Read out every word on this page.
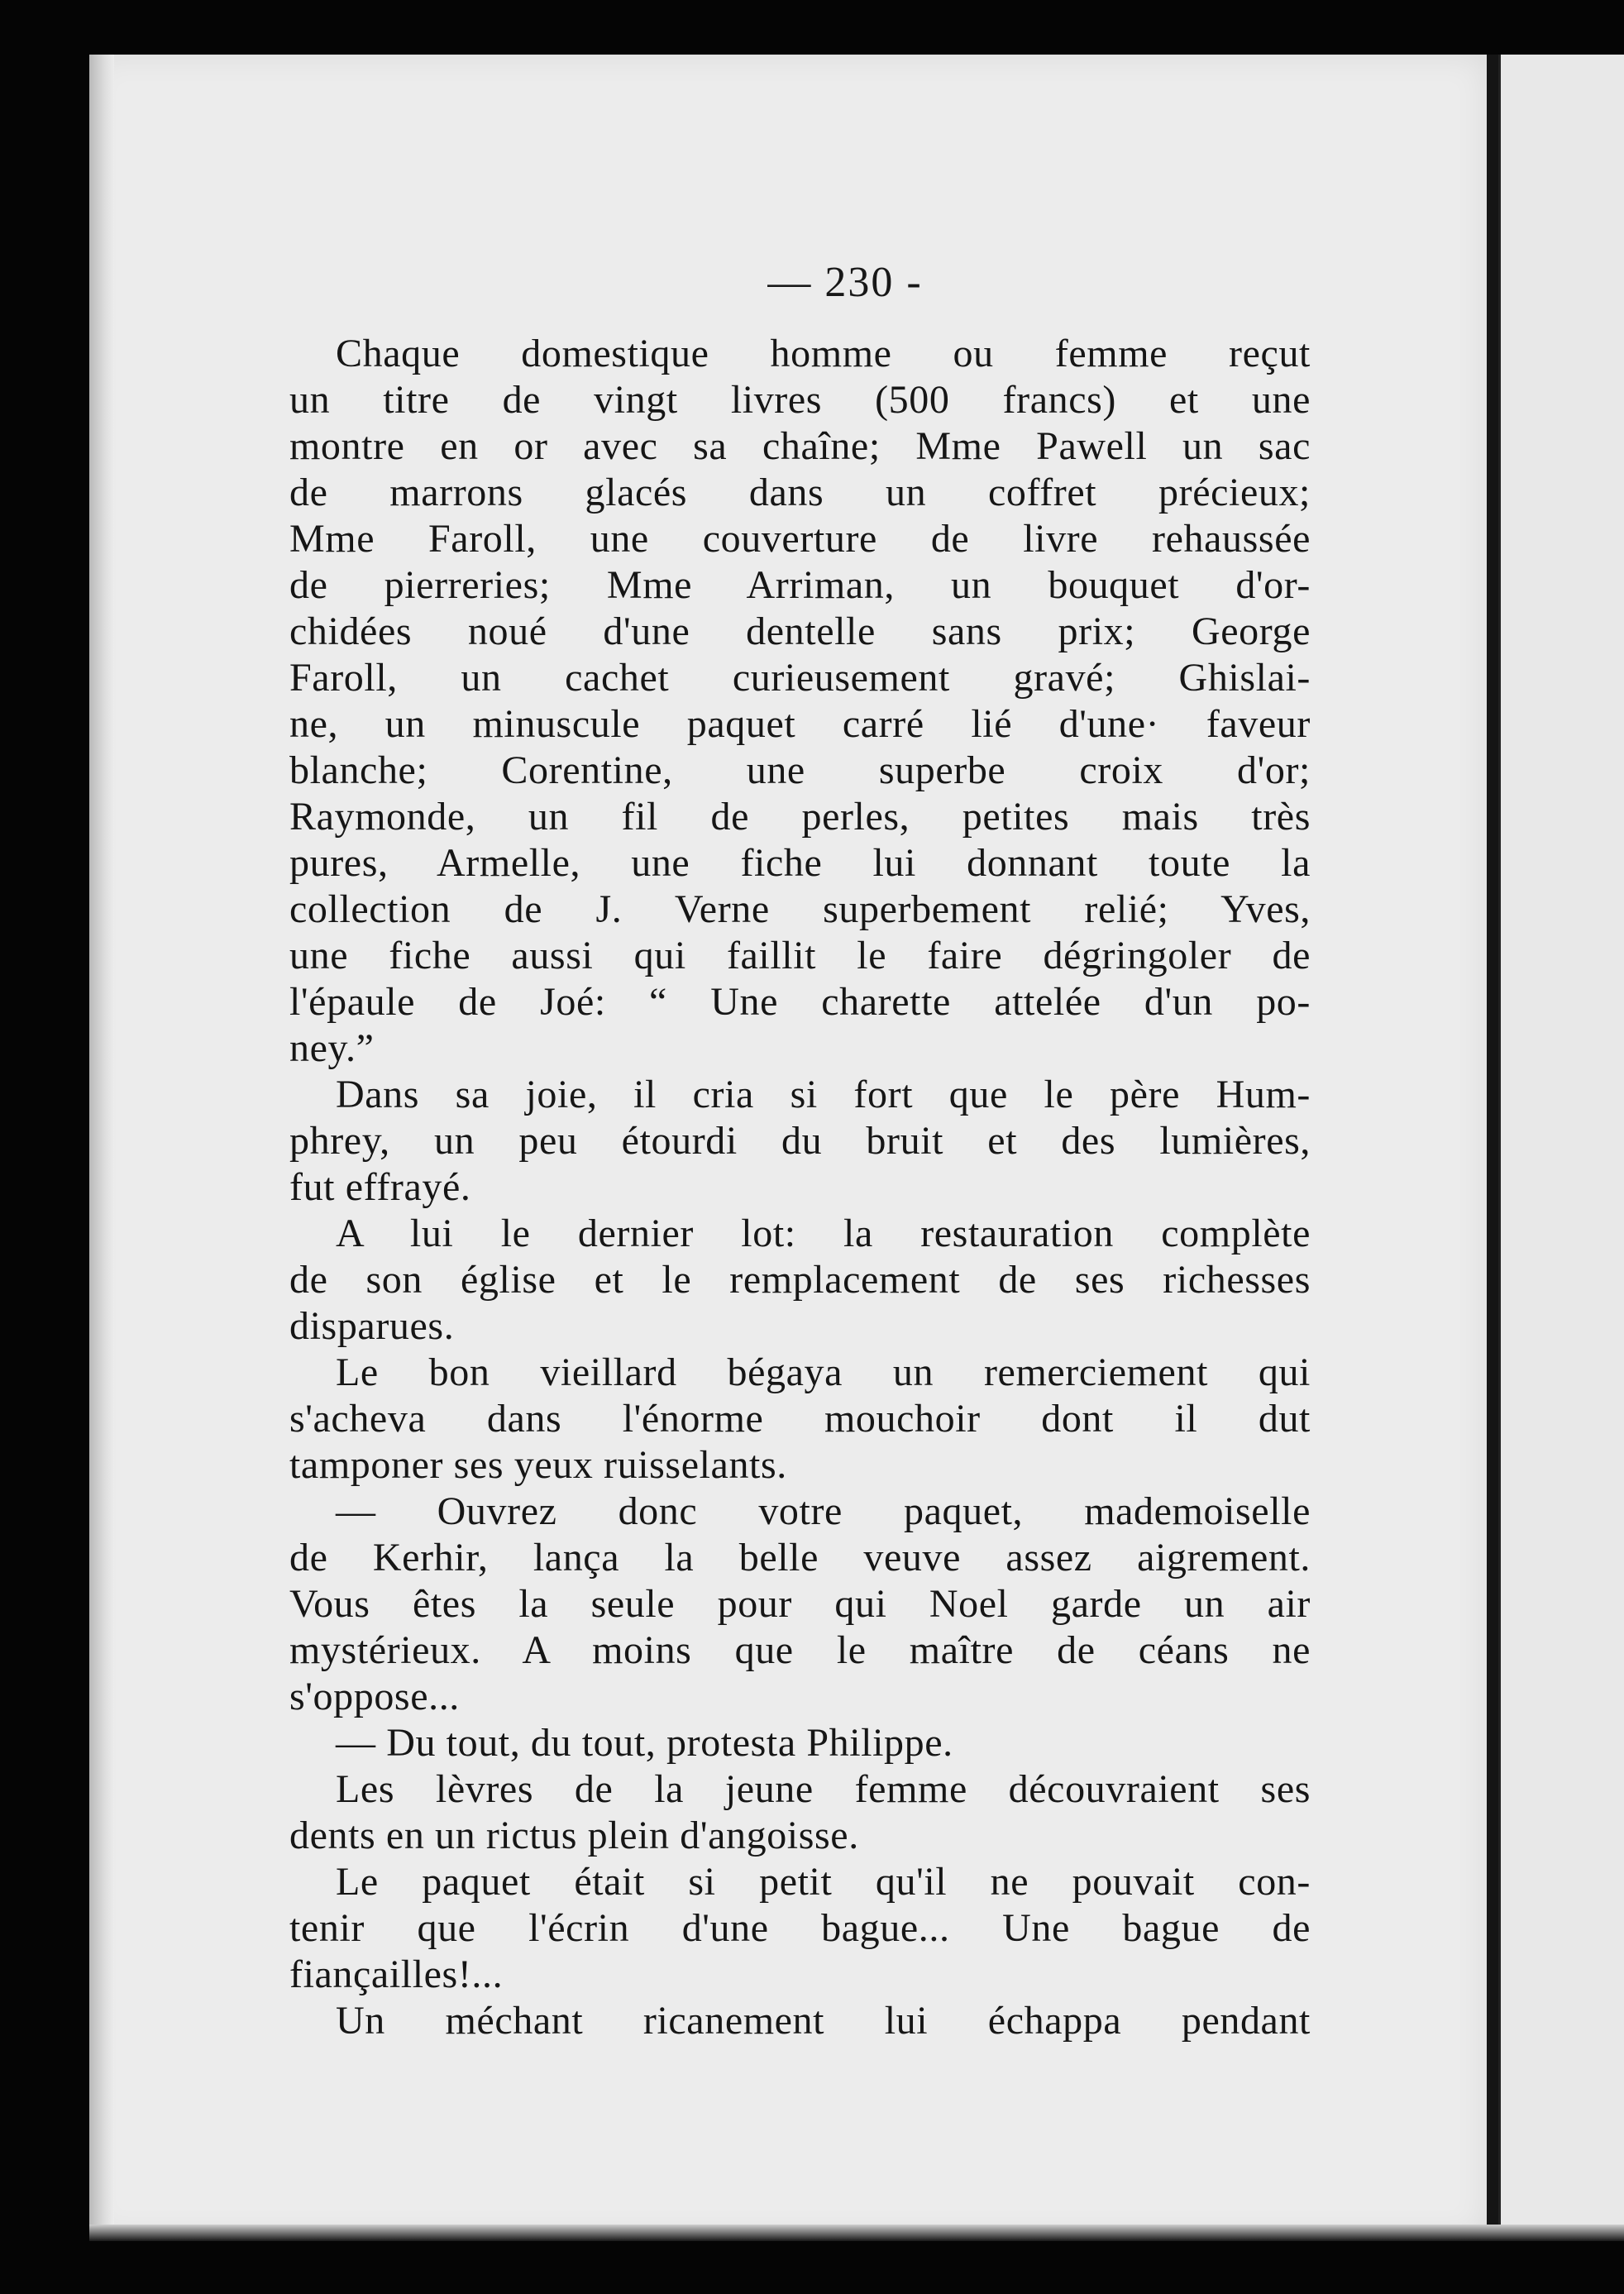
— 230 -
Chaque domestique homme ou femme reçut
un titre de vingt livres (500 francs) et une
montre en or avec sa chaîne; Mme Pawell un sac
de marrons glacés dans un coffret précieux;
Mme Faroll, une couverture de livre rehaussée
de pierreries; Mme Arriman, un bouquet d'or-
chidées noué d'une dentelle sans prix; George
Faroll, un cachet curieusement gravé; Ghislai-
ne, un minuscule paquet carré lié d'une· faveur
blanche; Corentine, une superbe croix d'or;
Raymonde, un fil de perles, petites mais très
pures, Armelle, une fiche lui donnant toute la
collection de J. Verne superbement relié; Yves,
une fiche aussi qui faillit le faire dégringoler de
l'épaule de Joé: “ Une charette attelée d'un po-
ney.”
Dans sa joie, il cria si fort que le père Hum-
phrey, un peu étourdi du bruit et des lumières,
fut effrayé.
A lui le dernier lot: la restauration complète
de son église et le remplacement de ses richesses
disparues.
Le bon vieillard bégaya un remerciement qui
s'acheva dans l'énorme mouchoir dont il dut
tamponer ses yeux ruisselants.
— Ouvrez donc votre paquet, mademoiselle
de Kerhir, lança la belle veuve assez aigrement.
Vous êtes la seule pour qui Noel garde un air
mystérieux. A moins que le maître de céans ne
s'oppose...
— Du tout, du tout, protesta Philippe.
Les lèvres de la jeune femme découvraient ses
dents en un rictus plein d'angoisse.
Le paquet était si petit qu'il ne pouvait con-
tenir que l'écrin d'une bague... Une bague de
fiançailles!...
Un méchant ricanement lui échappa pendant
